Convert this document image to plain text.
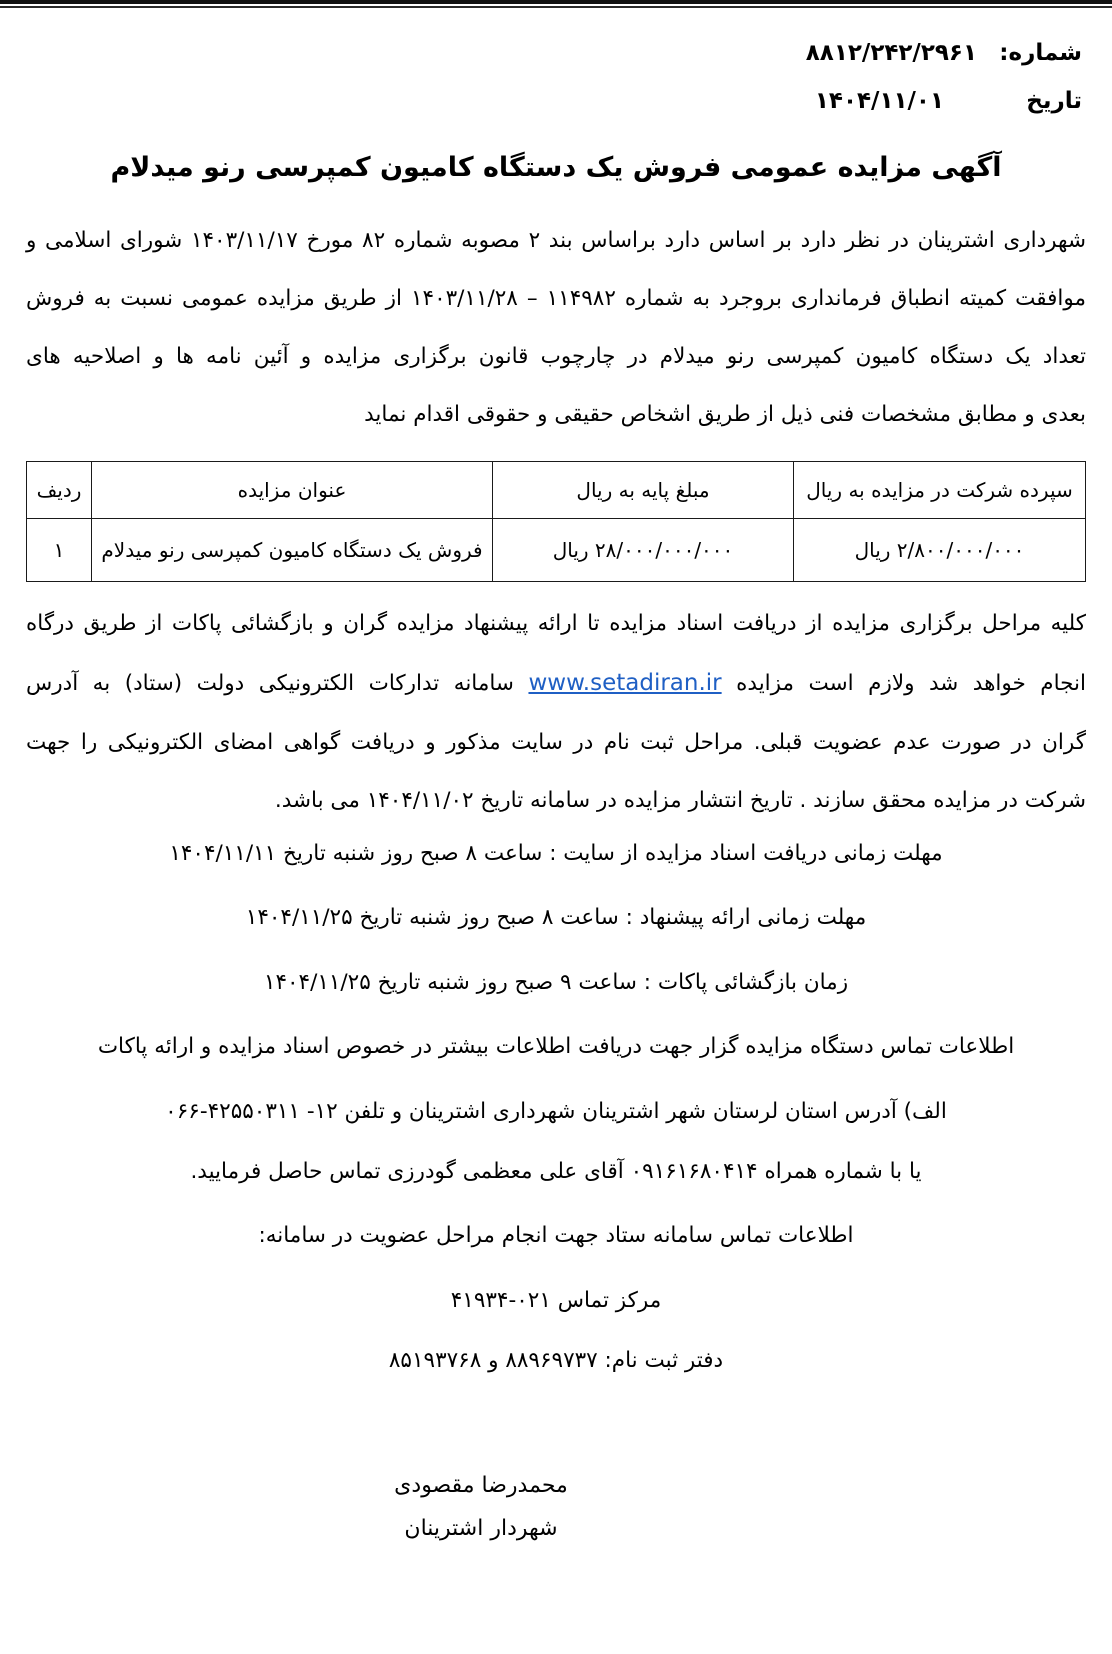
شماره:
۸۸۱۲/۲۴۲/۲۹۶۱
تاریخ
۱۴۰۴/۱۱/۰۱
آگهی مزایده عمومی فروش یک دستگاه کامیون کمپرسی رنو میدلام
شهرداری اشترینان در نظر دارد بر اساس دارد براساس بند ۲ مصوبه شماره ۸۲ مورخ ۱۴۰۳/۱۱/۱۷ شورای اسلامی و
موافقت کمیته انطباق فرمانداری بروجرد به شماره ۱۱۴۹۸۲ – ۱۴۰۳/۱۱/۲۸ از طریق مزایده عمومی نسبت به فروش
تعداد یک دستگاه کامیون کمپرسی رنو میدلام در چارچوب قانون برگزاری مزایده و آئین نامه ها و اصلاحیه های
بعدی و مطابق مشخصات فنی ذیل از طریق اشخاص حقیقی و حقوقی اقدام نماید
سپرده شرکت در مزایده به ریال	مبلغ پایه به ریال	عنوان مزایده	ردیف
۲/۸۰۰/۰۰۰/۰۰۰ ریال	۲۸/۰۰۰/۰۰۰/۰۰۰ ریال	فروش یک دستگاه کامیون کمپرسی رنو میدلام	۱
کلیه مراحل برگزاری مزایده از دریافت اسناد مزایده تا ارائه پیشنهاد مزایده گران و بازگشائی پاکات از طریق درگاه
انجام خواهد شد ولازم است مزایده www.setadiran.ir سامانه تدارکات الکترونیکی دولت (ستاد) به آدرس
گران در صورت عدم عضویت قبلی. مراحل ثبت نام در سایت مذکور و دریافت گواهی امضای الکترونیکی را جهت
شرکت در مزایده محقق سازند . تاریخ انتشار مزایده در سامانه تاریخ ۱۴۰۴/۱۱/۰۲ می باشد.
مهلت زمانی دریافت اسناد مزایده از سایت : ساعت ۸ صبح روز شنبه تاریخ ۱۴۰۴/۱۱/۱۱
مهلت زمانی ارائه پیشنهاد : ساعت ۸ صبح روز شنبه تاریخ ۱۴۰۴/۱۱/۲۵
زمان بازگشائی پاکات : ساعت ۹ صبح روز شنبه تاریخ ۱۴۰۴/۱۱/۲۵
اطلاعات تماس دستگاه مزایده گزار جهت دریافت اطلاعات بیشتر در خصوص اسناد مزایده و ارائه پاکات
الف) آدرس استان لرستان شهر اشترینان شهرداری اشترینان و تلفن ۱۲- ۴۲۵۵۰۳۱۱-۰۶۶
یا با شماره همراه ۰۹۱۶۱۶۸۰۴۱۴ آقای علی معظمی گودرزی تماس حاصل فرمایید.
اطلاعات تماس سامانه ستاد جهت انجام مراحل عضویت در سامانه:
مرکز تماس ۰۲۱-۴۱۹۳۴
دفتر ثبت نام: ۸۸۹۶۹۷۳۷ و ۸۵۱۹۳۷۶۸
محمدرضا مقصودی
شهردار اشترینان
